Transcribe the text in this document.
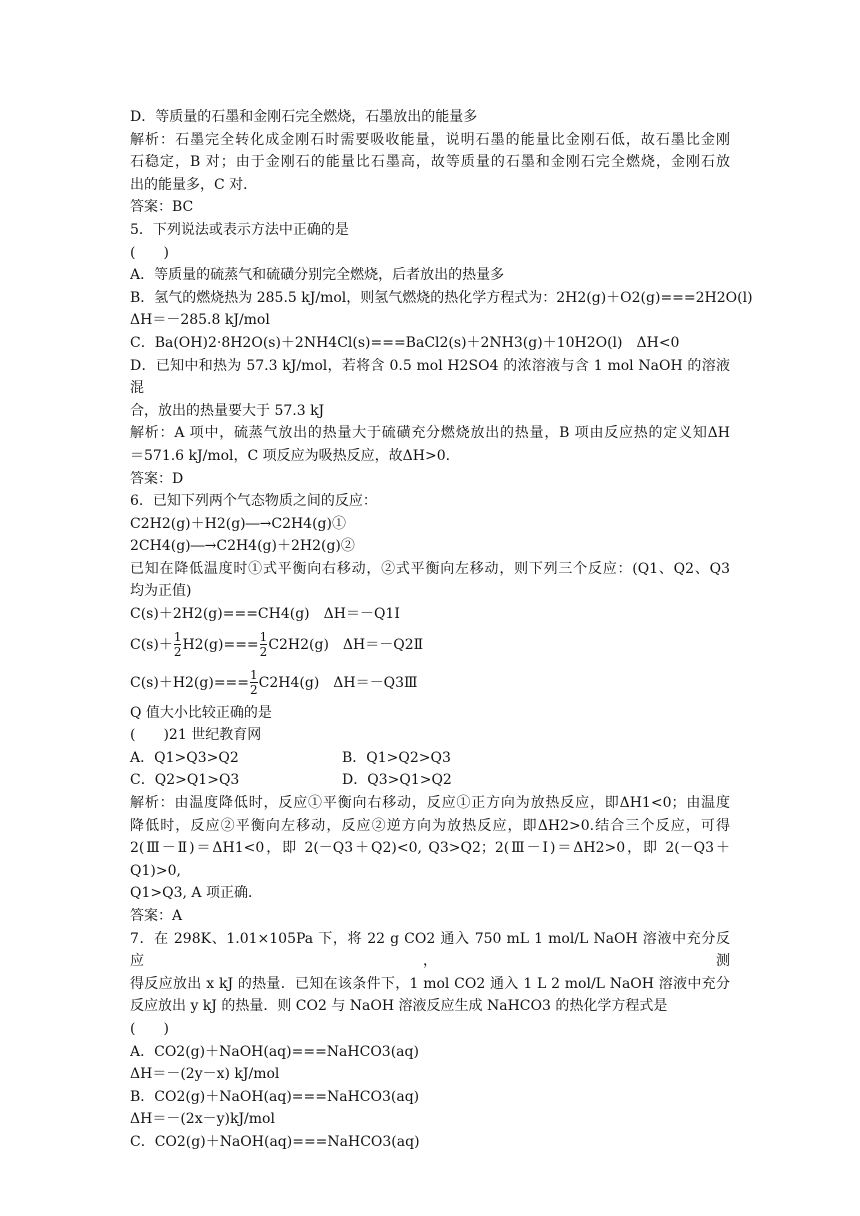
D．等质量的石墨和金刚石完全燃烧，石墨放出的能量多
解析：石墨完全转化成金刚石时需要吸收能量，说明石墨的能量比金刚石低，故石墨比金刚
石稳定，B 对；由于金刚石的能量比石墨高，故等质量的石墨和金刚石完全燃烧，金刚石放
出的能量多，C 对．
答案：BC
5．下列说法或表示方法中正确的是
(　　)
A．等质量的硫蒸气和硫磺分别完全燃烧，后者放出的热量多
B．氢气的燃烧热为 285.5 kJ/mol，则氢气燃烧的热化学方程式为：2H2(g)＋O2(g)===2H2O(l)
ΔH＝－285.8 kJ/mol
C．Ba(OH)2·8H2O(s)＋2NH4Cl(s)===BaCl2(s)＋2NH3(g)＋10H2O(l)　ΔH<0
D．已知中和热为 57.3 kJ/mol，若将含 0.5 mol H2SO4 的浓溶液与含 1 mol NaOH 的溶液混
合，放出的热量要大于 57.3 kJ
解析：A 项中，硫蒸气放出的热量大于硫磺充分燃烧放出的热量，B 项由反应热的定义知ΔH
＝571.6 kJ/mol，C 项反应为吸热反应，故ΔH>0.
答案：D
6．已知下列两个气态物质之间的反应：
C2H2(g)＋H2(g)―→C2H4(g)①
2CH4(g)―→C2H4(g)＋2H2(g)②
已知在降低温度时①式平衡向右移动，②式平衡向左移动，则下列三个反应：(Q1、Q2、Q3
均为正值)
C(s)＋2H2(g)===CH4(g)　ΔH＝－Q1Ⅰ
$C(s)+ \frac{1}{2} H2(g)=== \frac{1}{2} C2H2(g)$　ΔH＝－Q2Ⅱ
$C(s)+H2(g)=== \frac{1}{2} C2H4(g)$　ΔH＝－Q3Ⅲ
Q 值大小比较正确的是
(　　)21 世纪教育网
A．Q1>Q3>Q2	B．Q1>Q2>Q3
C．Q2>Q1>Q3	D．Q3>Q1>Q2
解析：由温度降低时，反应①平衡向右移动，反应①正方向为放热反应，即ΔH1<0；由温度
降低时，反应②平衡向左移动，反应②逆方向为放热反应，即ΔH2>0.结合三个反应，可得
2(Ⅲ－Ⅱ)＝ΔH1<0，即 2(－Q3＋Q2)<0, Q3>Q2；2(Ⅲ－Ⅰ)＝ΔH2>0，即 2(－Q3＋Q1)>0,
Q1>Q3, A 项正确．
答案：A
7．在 298K、1.01×105Pa 下，将 22 g CO2 通入 750 mL 1 mol/L NaOH 溶液中充分反应，测
得反应放出 x kJ 的热量．已知在该条件下，1 mol CO2 通入 1 L 2 mol/L NaOH 溶液中充分
反应放出 y kJ 的热量．则 CO2 与 NaOH 溶液反应生成 NaHCO3 的热化学方程式是
(　　)
A．CO2(g)＋NaOH(aq)===NaHCO3(aq)
ΔH＝－(2y－x) kJ/mol
B．CO2(g)＋NaOH(aq)===NaHCO3(aq)
ΔH＝－(2x－y)kJ/mol
C．CO2(g)＋NaOH(aq)===NaHCO3(aq)
